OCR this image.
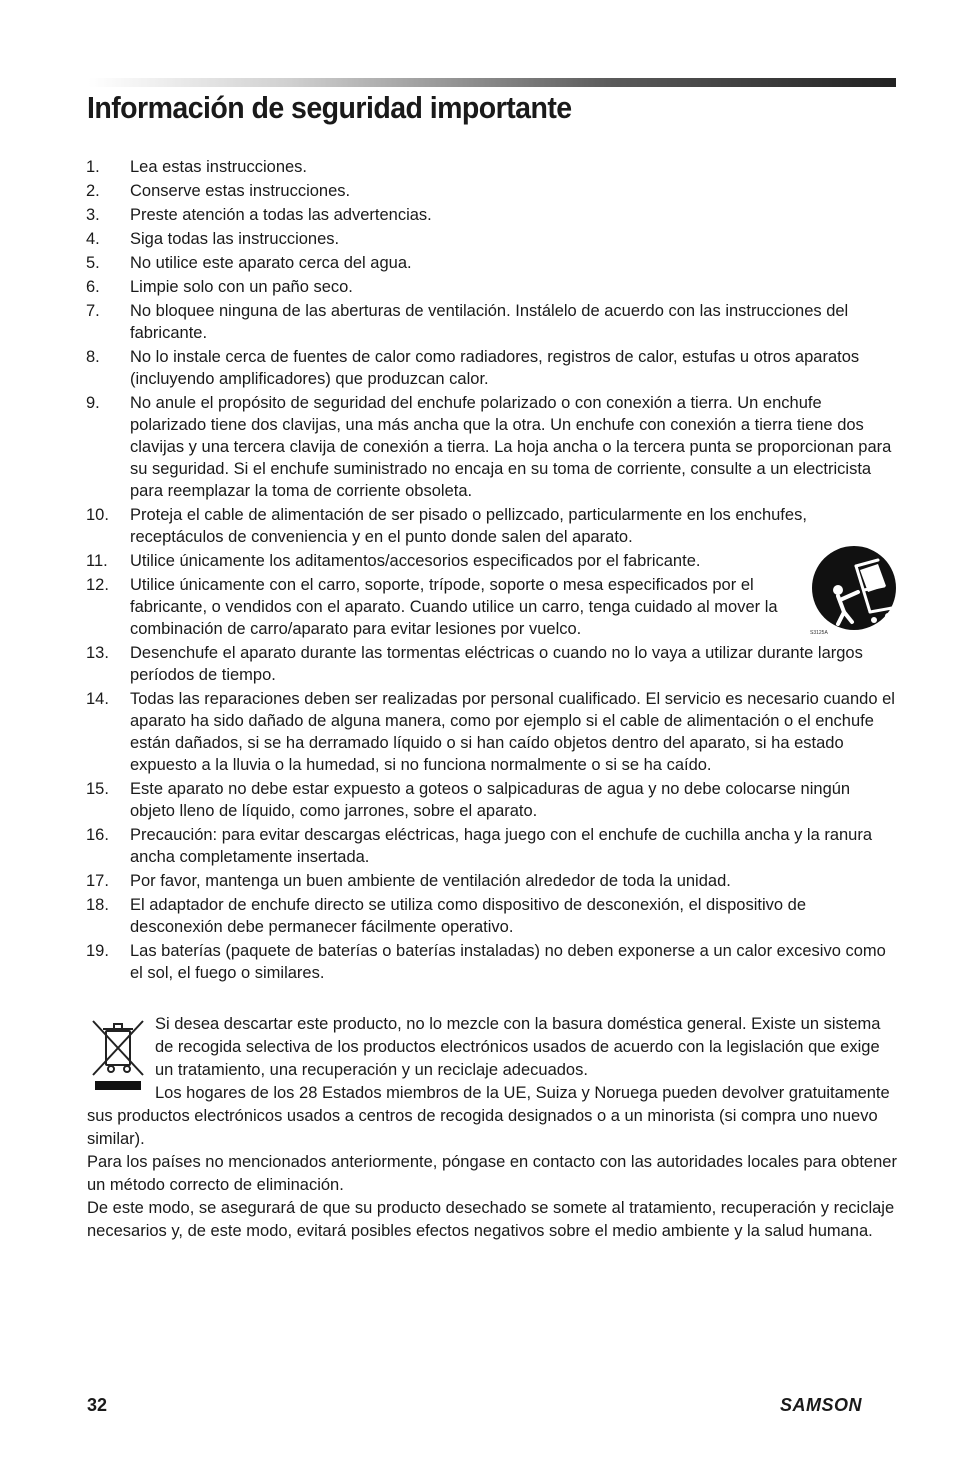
Información de seguridad importante
1.	Lea estas instrucciones.
2.	Conserve estas instrucciones.
3.	Preste atención a todas las advertencias.
4.	Siga todas las instrucciones.
5.	No utilice este aparato cerca del agua.
6.	Limpie solo con un paño seco.
7.	No bloquee ninguna de las aberturas de ventilación. Instálelo de acuerdo con las instrucciones del fabricante.
8.	No lo instale cerca de fuentes de calor como radiadores, registros de calor, estufas u otros aparatos (incluyendo amplificadores) que produzcan calor.
9.	No anule el propósito de seguridad del enchufe polarizado o con conexión a tierra. Un enchufe polarizado tiene dos clavijas, una más ancha que la otra. Un enchufe con conexión a tierra tiene dos clavijas y una tercera clavija de conexión a tierra. La hoja ancha o la tercera punta se proporcionan para su seguridad. Si el enchufe suministrado no encaja en su toma de corriente, consulte a un electricista para reemplazar la toma de corriente obsoleta.
10.	Proteja el cable de alimentación de ser pisado o pellizcado, particularmente en los enchufes, receptáculos de conveniencia y en el punto donde salen del aparato.
11.	Utilice únicamente los aditamentos/accesorios especificados por el fabricante.
12.	Utilice únicamente con el carro, soporte, trípode, soporte o mesa especificados por el fabricante, o vendidos con el aparato. Cuando utilice un carro, tenga cuidado al mover la combinación de carro/aparato para evitar lesiones por vuelco.
13.	Desenchufe el aparato durante las tormentas eléctricas o cuando no lo vaya a utilizar durante largos períodos de tiempo.
14.	Todas las reparaciones deben ser realizadas por personal cualificado. El servicio es necesario cuando el aparato ha sido dañado de alguna manera, como por ejemplo si el cable de alimentación o el enchufe están dañados, si se ha derramado líquido o si han caído objetos dentro del aparato, si ha estado expuesto a la lluvia o la humedad, si no funciona normalmente o si se ha caído.
15.	Este aparato no debe estar expuesto a goteos o salpicaduras de agua y no debe colocarse ningún objeto lleno de líquido, como jarrones, sobre el aparato.
16.	Precaución: para evitar descargas eléctricas, haga juego con el enchufe de cuchilla ancha y la ranura ancha completamente insertada.
17.	Por favor, mantenga un buen ambiente de ventilación alrededor de toda la unidad.
18.	El adaptador de enchufe directo se utiliza como dispositivo de desconexión, el dispositivo de desconexión debe permanecer fácilmente operativo.
19.	Las baterías (paquete de baterías o baterías instaladas) no deben exponerse a un calor excesivo como el sol, el fuego o similares.
S3125A

Si desea descartar este producto, no lo mezcle con la basura doméstica general. Existe un sistema de recogida selectiva de los productos electrónicos usados de acuerdo con la legislación que exige un tratamiento, una recuperación y un reciclaje adecuados.

Los hogares de los 28 Estados miembros de la UE, Suiza y Noruega pueden devolver gratuitamente sus productos electrónicos usados a centros de recogida designados o a un minorista (si compra uno nuevo similar).

Para los países no mencionados anteriormente, póngase en contacto con las autoridades locales para obtener un método correcto de eliminación.

De este modo, se asegurará de que su producto desechado se somete al tratamiento, recuperación y reciclaje necesarios y, de este modo, evitará posibles efectos negativos sobre el medio ambiente y la salud humana.

32	SAMSON
